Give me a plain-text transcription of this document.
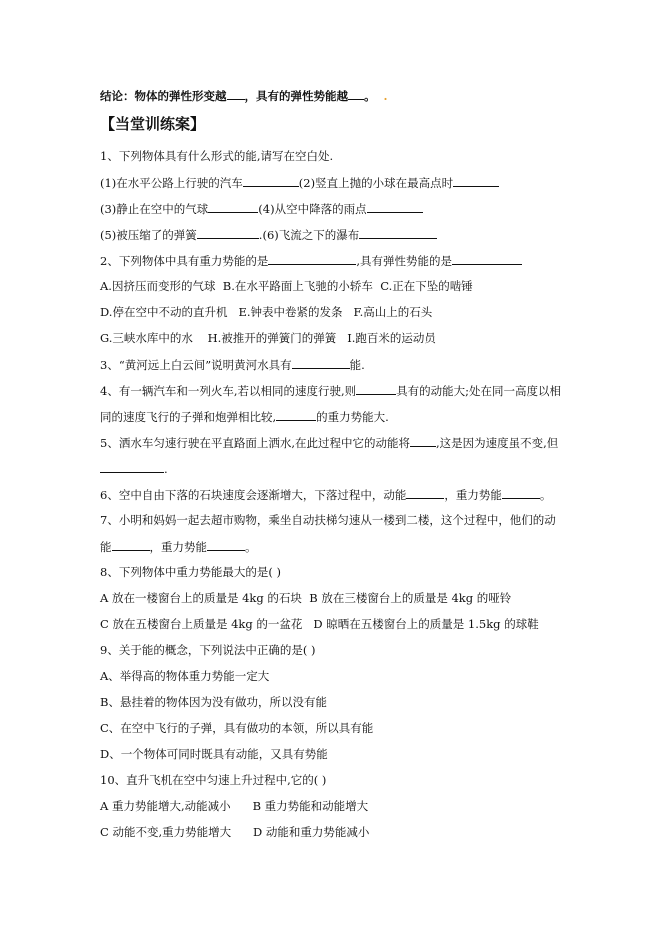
结论：物体的弹性形变越 ，具有的弹性势能越 。 .
【当堂训练案】
1、下列物体具有什么形式的能,请写在空白处.
(1)在水平公路上行驶的汽车	(2)竖直上抛的小球在最高点时
(3)静止在空中的气球	(4)从空中降落的雨点
(5)被压缩了的弹簧	.(6)飞流之下的瀑布
2、下列物体中具有重力势能的是	,具有弹性势能的是
A.因挤压而变形的气球 B.在水平路面上飞驰的小轿车 C.正在下坠的啮锤
D.停在空中不动的直升机 E.钟表中卷紧的发条 F.高山上的石头
G.三峡水库中的水 H.被推开的弹簧门的弹簧 I.跑百米的运动员
3、“黄河远上白云间”说明黄河水具有	能.
4、有一辆汽车和一列火车,若以相同的速度行驶,则	具有的动能大;处在同一高度以相
同的速度飞行的子弹和炮弹相比较,	的重力势能大.
5、洒水车匀速行驶在平直路面上洒水,在此过程中它的动能将 ,这是因为速度虽不变,但
.
6、空中自由下落的石块速度会逐渐增大，下落过程中，动能	，重力势能	。
7、小明和妈妈一起去超市购物，乘坐自动扶梯匀速从一楼到二楼，这个过程中，他们的动
能	，重力势能	。
8、下列物体中重力势能最大的是( )
A 放在一楼窗台上的质量是 4kg 的石块 B 放在三楼窗台上的质量是 4kg 的哑铃
C 放在五楼窗台上质量是 4kg 的一盆花 D 晾晒在五楼窗台上的质量是 1.5kg 的球鞋
9、关于能的概念，下列说法中正确的是( )
A、举得高的物体重力势能一定大
B、悬挂着的物体因为没有做功，所以没有能
C、在空中飞行的子弹，具有做功的本领，所以具有能
D、一个物体可同时既具有动能，又具有势能
10、直升飞机在空中匀速上升过程中,它的( )
A 重力势能增大,动能减小 B 重力势能和动能增大
C 动能不变,重力势能增大 D 动能和重力势能减小
